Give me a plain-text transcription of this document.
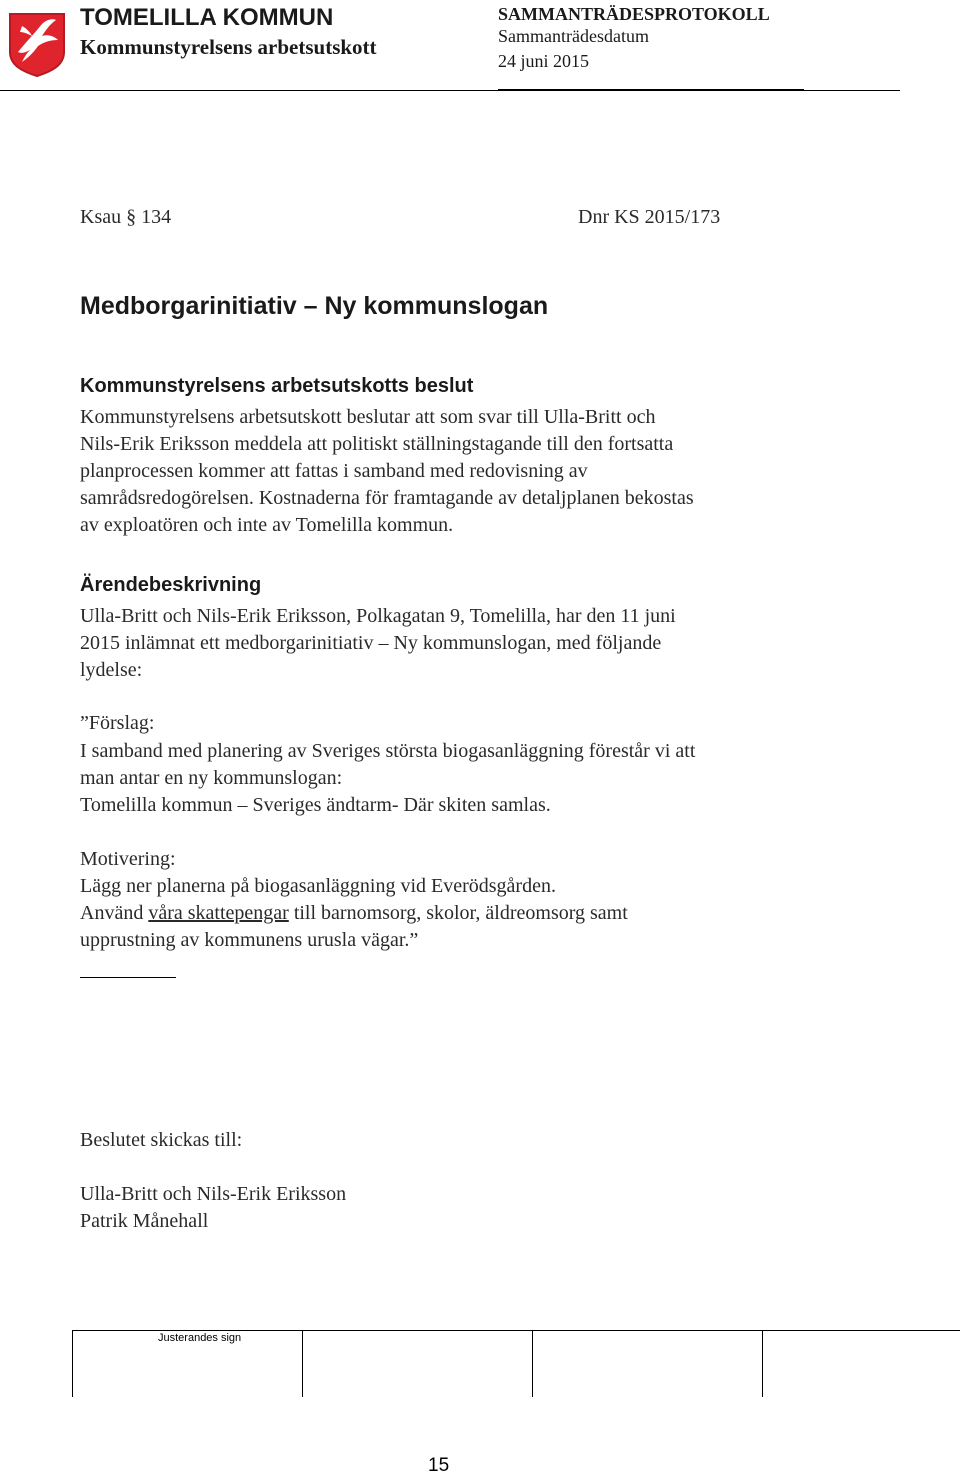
TOMELILLA KOMMUN
Kommunstyrelsens arbetsutskott
SAMMANTRÄDESPROTOKOLL
Sammanträdesdatum
24 juni 2015
Ksau § 134	Dnr KS 2015/173
Medborgarinitiativ – Ny kommunslogan
Kommunstyrelsens arbetsutskotts beslut
Kommunstyrelsens arbetsutskott beslutar att som svar till Ulla-Britt och
Nils-Erik Eriksson meddela att politiskt ställningstagande till den fortsatta
planprocessen kommer att fattas i samband med redovisning av
samrådsredogörelsen. Kostnaderna för framtagande av detaljplanen bekostas
av exploatören och inte av Tomelilla kommun.
Ärendebeskrivning
Ulla-Britt och Nils-Erik Eriksson, Polkagatan 9, Tomelilla, har den 11 juni
2015 inlämnat ett medborgarinitiativ – Ny kommunslogan, med följande
lydelse:
”Förslag:
I samband med planering av Sveriges största biogasanläggning förestår vi att
man antar en ny kommunslogan:
Tomelilla kommun – Sveriges ändtarm- Där skiten samlas.
Motivering:
Lägg ner planerna på biogasanläggning vid Everödsgården.
Använd våra skattepengar till barnomsorg, skolor, äldreomsorg samt
upprustning av kommunens urusla vägar.”
Beslutet skickas till:
Ulla-Britt och Nils-Erik Eriksson
Patrik Månehall
Justerandes sign
15
